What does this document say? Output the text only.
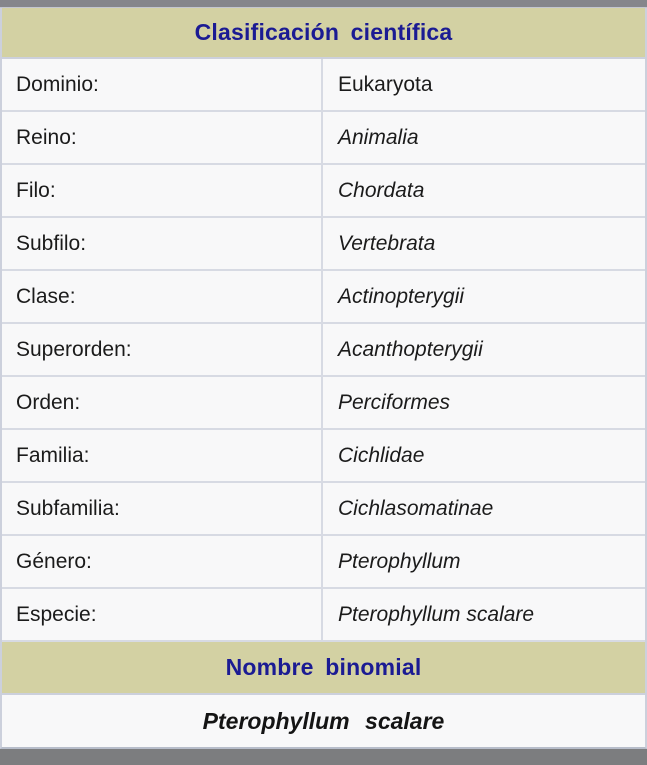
Clasificación científica
Dominio:	Eukaryota
Reino:	Animalia
Filo:	Chordata
Subfilo:	Vertebrata
Clase:	Actinopterygii
Superorden:	Acanthopterygii
Orden:	Perciformes
Familia:	Cichlidae
Subfamilia:	Cichlasomatinae
Género:	Pterophyllum
Especie:	Pterophyllum scalare
Nombre binomial
Pterophyllum scalare
